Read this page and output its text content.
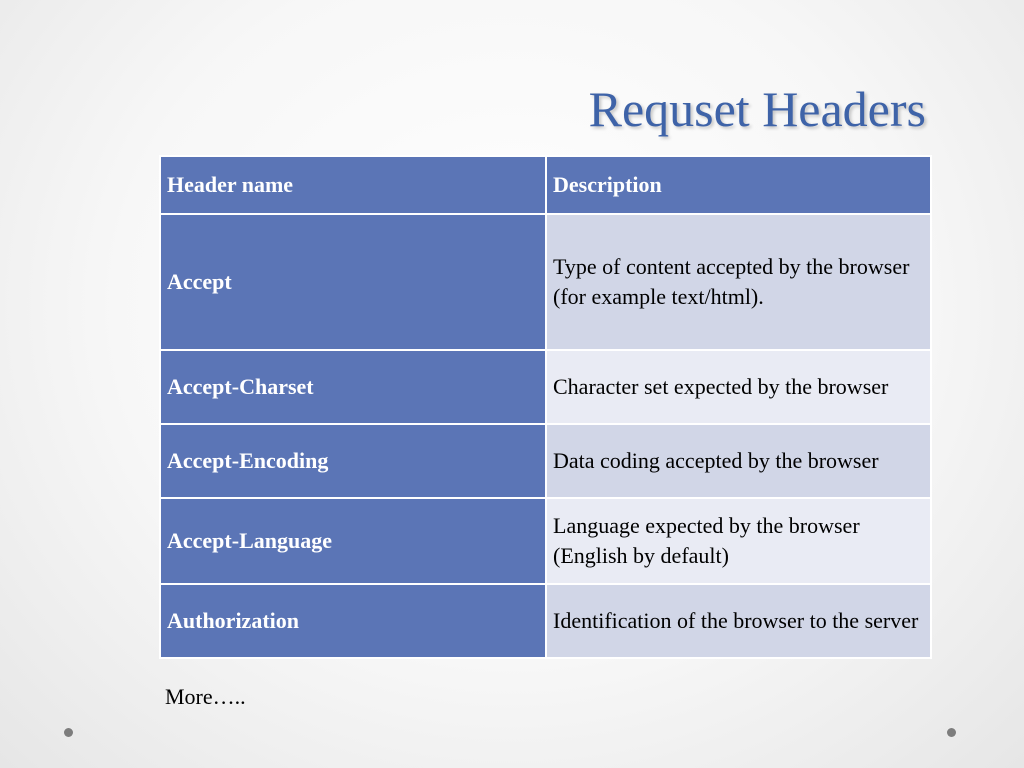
Requset Headers
Header name	Description
Accept	Type of content accepted by the browser (for example text/html).
Accept-Charset	Character set expected by the browser
Accept-Encoding	Data coding accepted by the browser
Accept-Language	Language expected by the browser (English by default)
Authorization	Identification of the browser to the server
More…..
